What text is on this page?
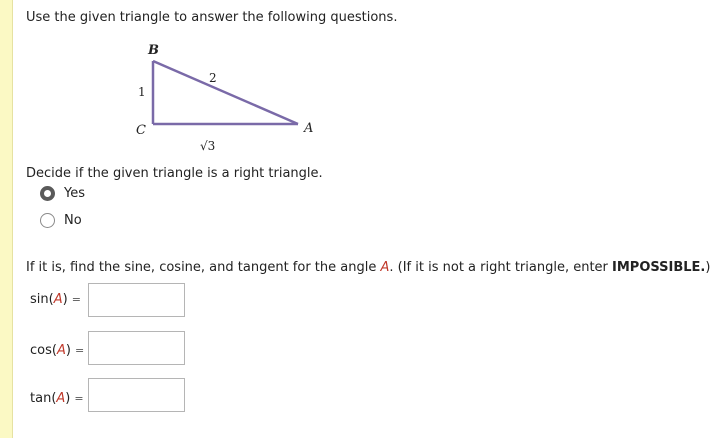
Use the given triangle to answer the following questions.
B
C	A
1
2
√3
Decide if the given triangle is a right triangle.
Yes
No
If it is, find the sine, cosine, and tangent for the angle A. (If it is not a right triangle, enter IMPOSSIBLE.)
sin(A) =
cos(A) =
tan(A) =
